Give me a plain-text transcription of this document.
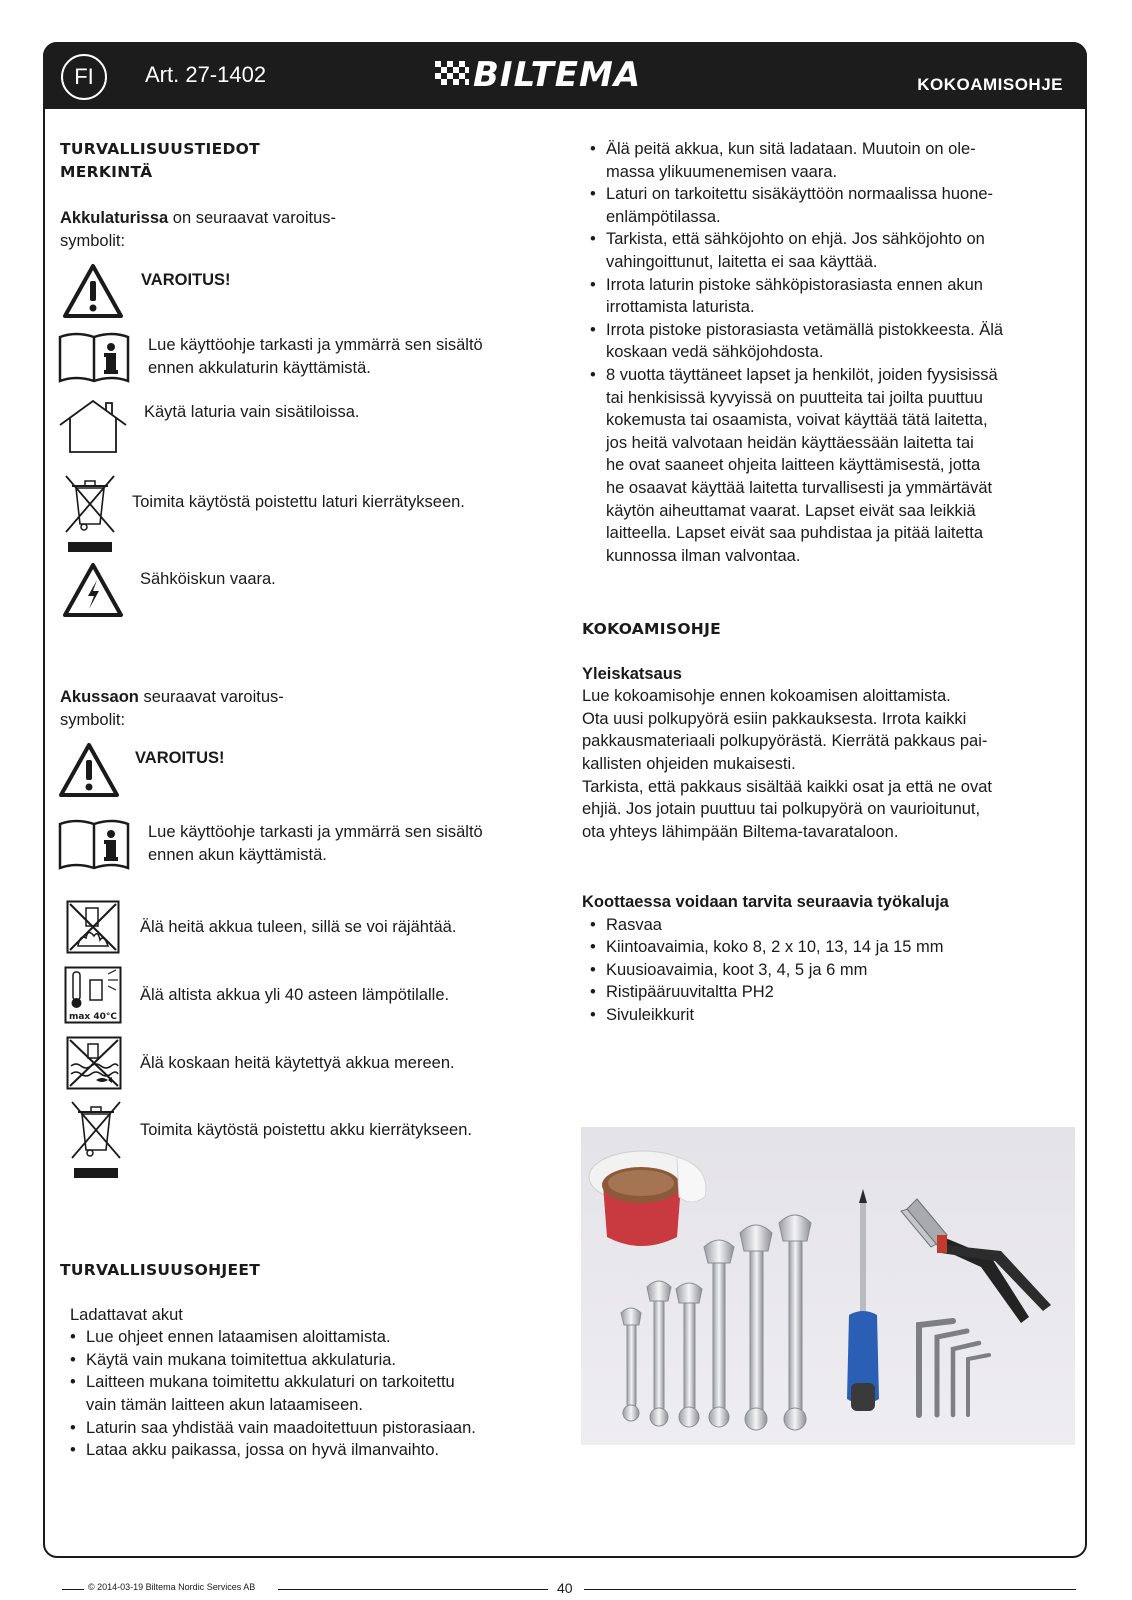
FI	Art. 27-1402	BILTEMA	KOKOAMISOHJE
TURVALLISUUSTIEDOT
MERKINTÄ
Akkulaturissa on seuraavat varoitus-
symbolit:
VAROITUS!
Lue käyttöohje tarkasti ja ymmärrä sen sisältö
ennen akkulaturin käyttämistä.
Käytä laturia vain sisätiloissa.
Toimita käytöstä poistettu laturi kierrätykseen.
Sähköiskun vaara.
Akussaon seuraavat varoitus-
symbolit:
VAROITUS!
Lue käyttöohje tarkasti ja ymmärrä sen sisältö
ennen akun käyttämistä.
Älä heitä akkua tuleen, sillä se voi räjähtää.
max 40°C
Älä altista akkua yli 40 asteen lämpötilalle.
Älä koskaan heitä käytettyä akkua mereen.
Toimita käytöstä poistettu akku kierrätykseen.
TURVALLISUUSOHJEET
Ladattavat akut
• Lue ohjeet ennen lataamisen aloittamista.
• Käytä vain mukana toimitettua akkulaturia.
• Laitteen mukana toimitettu akkulaturi on tarkoitettu
vain tämän laitteen akun lataamiseen.
• Laturin saa yhdistää vain maadoitettuun pistorasiaan.
• Lataa akku paikassa, jossa on hyvä ilmanvaihto.
• Älä peitä akkua, kun sitä ladataan. Muutoin on ole-
massa ylikuumenemisen vaara.
• Laturi on tarkoitettu sisäkäyttöön normaalissa huone-
enlämpötilassa.
• Tarkista, että sähköjohto on ehjä. Jos sähköjohto on
vahingoittunut, laitetta ei saa käyttää.
• Irrota laturin pistoke sähköpistorasiasta ennen akun
irrottamista laturista.
• Irrota pistoke pistorasiasta vetämällä pistokkeesta. Älä
koskaan vedä sähköjohdosta.
• 8 vuotta täyttäneet lapset ja henkilöt, joiden fyysisissä
tai henkisissä kyvyissä on puutteita tai joilta puuttuu
kokemusta tai osaamista, voivat käyttää tätä laitetta,
jos heitä valvotaan heidän käyttäessään laitetta tai
he ovat saaneet ohjeita laitteen käyttämisestä, jotta
he osaavat käyttää laitetta turvallisesti ja ymmärtävät
käytön aiheuttamat vaarat. Lapset eivät saa leikkiä
laitteella. Lapset eivät saa puhdistaa ja pitää laitetta
kunnossa ilman valvontaa.
KOKOAMISOHJE
Yleiskatsaus
Lue kokoamisohje ennen kokoamisen aloittamista.
Ota uusi polkupyörä esiin pakkauksesta. Irrota kaikki
pakkausmateriaali polkupyörästä. Kierrätä pakkaus pai-
kallisten ohjeiden mukaisesti.
Tarkista, että pakkaus sisältää kaikki osat ja että ne ovat
ehjiä. Jos jotain puuttuu tai polkupyörä on vaurioitunut,
ota yhteys lähimpään Biltema-tavarataloon.
Koottaessa voidaan tarvita seuraavia työkaluja
• Rasvaa
• Kiintoavaimia, koko 8, 2 x 10, 13, 14 ja 15 mm
• Kuusioavaimia, koot 3, 4, 5 ja 6 mm
• Ristipääruuvitaltta PH2
• Sivuleikkurit
© 2014-03-19 Biltema Nordic Services AB	40
